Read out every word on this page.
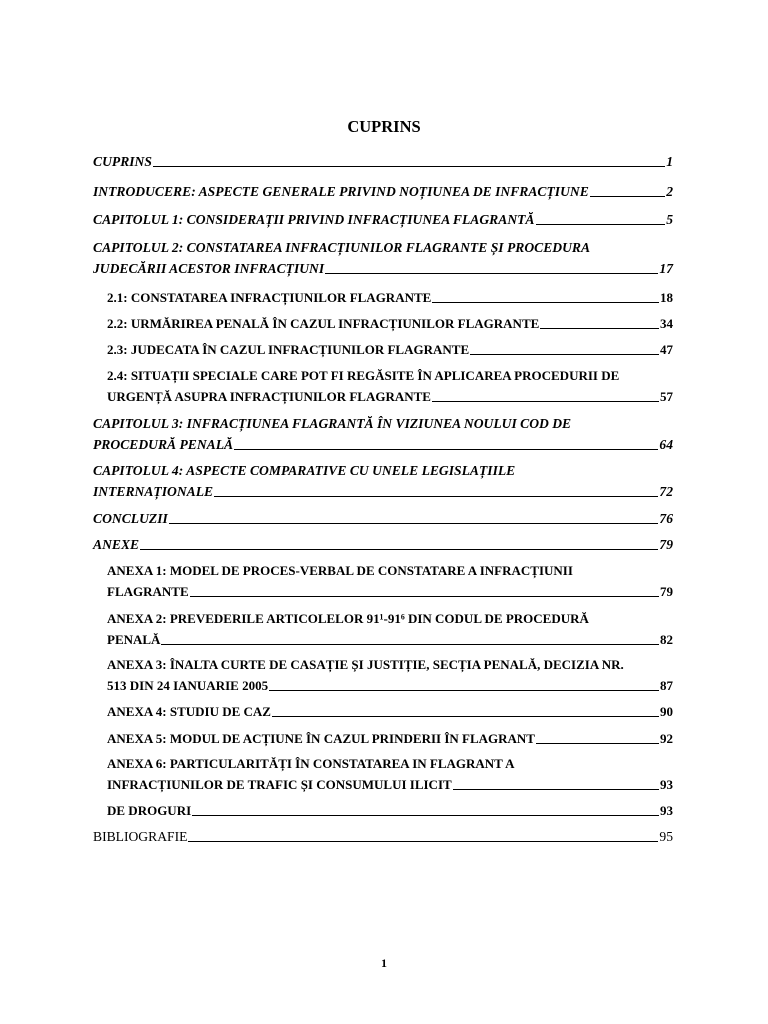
CUPRINS
CUPRINS	1
INTRODUCERE: ASPECTE GENERALE PRIVIND NOȚIUNEA DE INFRACȚIUNE	2
CAPITOLUL 1: CONSIDERAȚII PRIVIND INFRACȚIUNEA FLAGRANTĂ	5
CAPITOLUL 2: CONSTATAREA INFRACȚIUNILOR FLAGRANTE ȘI PROCEDURA
JUDECĂRII ACESTOR INFRACȚIUNI	17
2.1: CONSTATAREA INFRACȚIUNILOR FLAGRANTE	18
2.2: URMĂRIREA PENALĂ ÎN CAZUL INFRACȚIUNILOR FLAGRANTE	34
2.3: JUDECATA ÎN CAZUL INFRACȚIUNILOR FLAGRANTE	47
2.4: SITUAȚII SPECIALE CARE POT FI REGĂSITE ÎN APLICAREA PROCEDURII DE
URGENȚĂ ASUPRA INFRACȚIUNILOR FLAGRANTE	57
CAPITOLUL 3: INFRACȚIUNEA FLAGRANTĂ ÎN VIZIUNEA NOULUI COD DE
PROCEDURĂ PENALĂ	64
CAPITOLUL 4: ASPECTE COMPARATIVE CU UNELE LEGISLAȚIILE
INTERNAȚIONALE	72
CONCLUZII	76
ANEXE	79
ANEXA 1: MODEL DE PROCES-VERBAL DE CONSTATARE A INFRACȚIUNII
FLAGRANTE	79
ANEXA 2: PREVEDERILE ARTICOLELOR 91¹-91⁶ DIN CODUL DE PROCEDURĂ
PENALĂ	82
ANEXA 3: ÎNALTA CURTE DE CASAȚIE ȘI JUSTIȚIE, SECȚIA PENALĂ, DECIZIA NR.
513 DIN 24 IANUARIE 2005	87
ANEXA 4: STUDIU DE CAZ	90
ANEXA 5: MODUL DE ACȚIUNE ÎN CAZUL PRINDERII ÎN FLAGRANT	92
ANEXA 6: PARTICULARITĂȚI ÎN CONSTATAREA IN FLAGRANT A
INFRACȚIUNILOR DE TRAFIC ȘI CONSUMULUI ILICIT	93
DE DROGURI	93
BIBLIOGRAFIE	95
1
